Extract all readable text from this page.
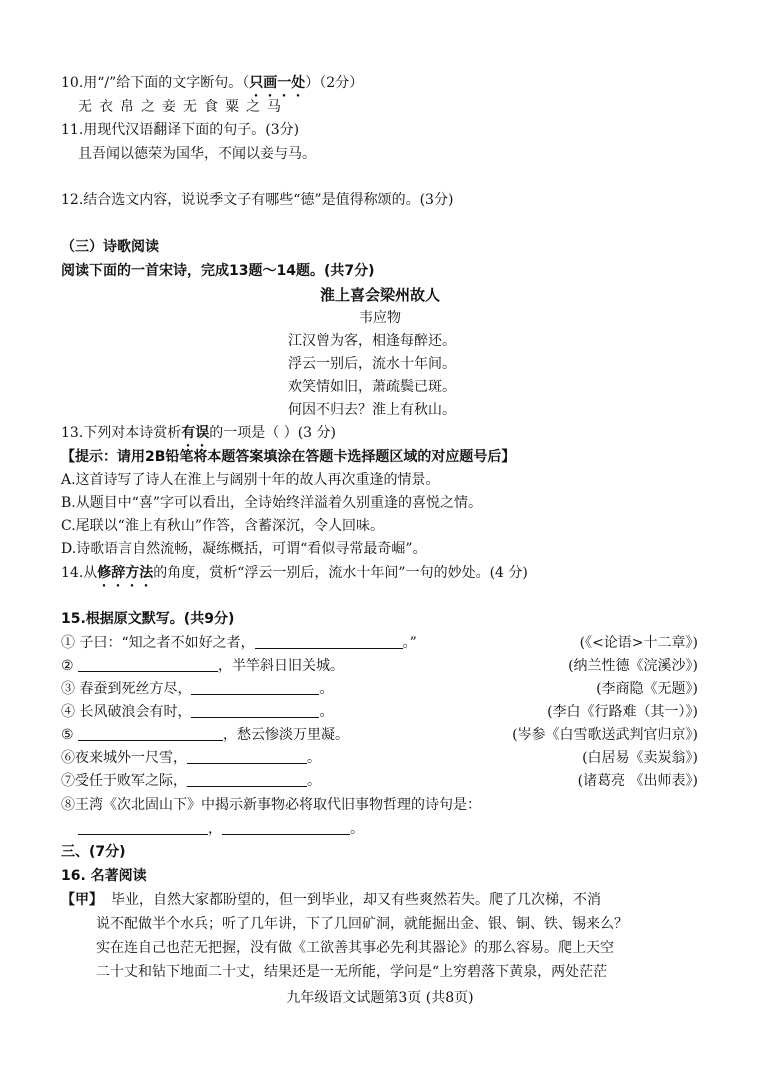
10.用“/”给下面的文字断句。（只画一处）（2分）
无衣帛之妾无食粟之马
11.用现代汉语翻译下面的句子。(3分)
且吾闻以德荣为国华，不闻以妾与马。
12.结合选文内容，说说季文子有哪些“德”是值得称颂的。(3分)
（三）诗歌阅读
阅读下面的一首宋诗，完成13题～14题。(共7分)
淮上喜会梁州故人
韦应物
江汉曾为客，相逢每醉还。
浮云一别后，流水十年间。
欢笑情如旧，萧疏鬓已斑。
何因不归去？淮上有秋山。
13.下列对本诗赏析有误的一项是（ ）(3 分)
【提示：请用2B铅笔将本题答案填涂在答题卡选择题区域的对应题号后】
A.这首诗写了诗人在淮上与阔别十年的故人再次重逢的情景。
B.从题目中“喜”字可以看出，全诗始终洋溢着久别重逢的喜悦之情。
C.尾联以“淮上有秋山”作答，含蓄深沉，令人回味。
D.诗歌语言自然流畅，凝练概括，可谓“看似寻常最奇崛”。
14.从修辞方法的角度，赏析“浮云一别后，流水十年间”一句的妙处。(4 分)
15.根据原文默写。(共9分)
① 子曰：“知之者不如好之者，	。”	(《<论语>十二章》)
②	，半竿斜日旧关城。	(纳兰性德《浣溪沙》)
③ 春蚕到死丝方尽，	。	(李商隐《无题》)
④ 长风破浪会有时，	。	(李白《行路难（其一）》)
⑤	，愁云惨淡万里凝。	(岑参《白雪歌送武判官归京》)
⑥夜来城外一尺雪，	。	(白居易《卖炭翁》)
⑦受任于败军之际，	。	(诸葛亮 《出师表》)
⑧王湾《次北固山下》中揭示新事物必将取代旧事物哲理的诗句是：
，	。
三、(7分)
16. 名著阅读
【甲】 毕业，自然大家都盼望的，但一到毕业，却又有些爽然若失。爬了几次梯，不消
说不配做半个水兵；听了几年讲，下了几回矿洞，就能掘出金、银、铜、铁、锡来么？
实在连自己也茫无把握，没有做《工欲善其事必先利其器论》的那么容易。爬上天空
二十丈和钻下地面二十丈，结果还是一无所能，学问是“上穷碧落下黄泉，两处茫茫
九年级语文试题第3页 (共8页)
